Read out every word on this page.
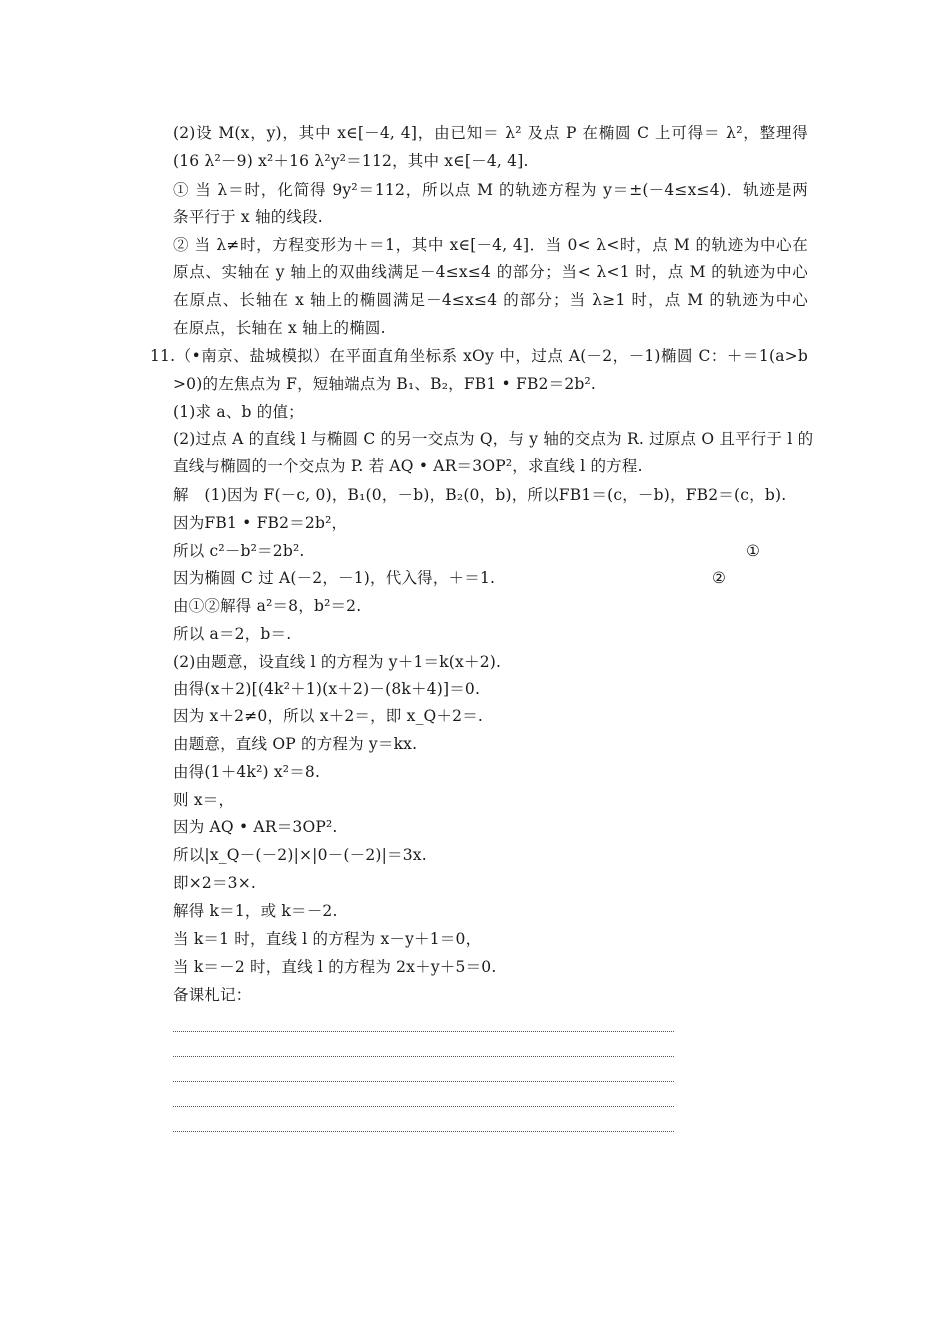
(2)设 M(x，y)，其中 x∈[－4, 4]，由已知＝ λ² 及点 P 在椭圆 C 上可得＝ λ²，整理得
(16 λ²－9) x²＋16 λ²y²＝112，其中 x∈[－4, 4].
① 当 λ＝时，化简得 9y²＝112，所以点 M 的轨迹方程为 y＝±(－4≤x≤4)．轨迹是两
条平行于 x 轴的线段.
② 当 λ≠时，方程变形为＋＝1，其中 x∈[－4, 4]．当 0< λ<时，点 M 的轨迹为中心在
原点、实轴在 y 轴上的双曲线满足－4≤x≤4 的部分；当< λ<1 时，点 M 的轨迹为中心
在原点、长轴在 x 轴上的椭圆满足－4≤x≤4 的部分；当 λ≥1 时，点 M 的轨迹为中心
在原点，长轴在 x 轴上的椭圆.
11.（•南京、盐城模拟）在平面直角坐标系 xOy 中，过点 A(－2，－1)椭圆 C：＋＝1(a>b
>0)的左焦点为 F，短轴端点为 B₁、B₂，FB1 • FB2＝2b².
(1)求 a、b 的值；
(2)过点 A 的直线 l 与椭圆 C 的另一交点为 Q，与 y 轴的交点为 R. 过原点 O 且平行于 l 的
直线与椭圆的一个交点为 P. 若 AQ • AR＝3OP²，求直线 l 的方程.
解　(1)因为 F(－c, 0)，B₁(0，－b)，B₂(0，b)，所以FB1＝(c，－b)，FB2＝(c，b).
因为FB1 • FB2＝2b²，
所以 c²－b²＝2b².	①
因为椭圆 C 过 A(－2，－1)，代入得，＋＝1.	②
由①②解得 a²＝8，b²＝2.
所以 a＝2，b＝.
(2)由题意，设直线 l 的方程为 y＋1＝k(x＋2).
由得(x＋2)[(4k²＋1)(x＋2)－(8k＋4)]＝0.
因为 x＋2≠0，所以 x＋2＝，即 x_Q＋2＝.
由题意，直线 OP 的方程为 y＝kx.
由得(1＋4k²) x²＝8.
则 x＝，
因为 AQ • AR＝3OP².
所以|x_Q－(－2)|×|0－(－2)|＝3x.
即×2＝3×.
解得 k＝1，或 k＝－2.
当 k＝1 时，直线 l 的方程为 x－y＋1＝0，
当 k＝－2 时，直线 l 的方程为 2x＋y＋5＝0.
备课札记：
